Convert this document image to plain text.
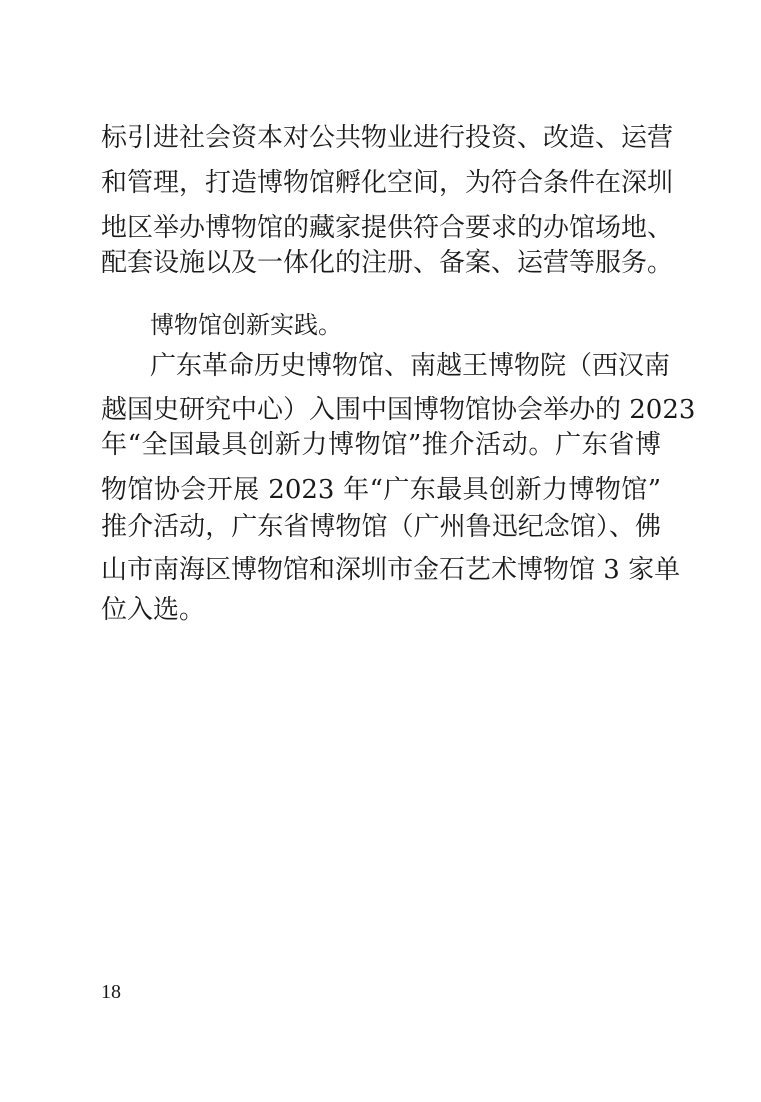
标引进社会资本对公共物业进行投资、改造、运营
和管理，打造博物馆孵化空间，为符合条件在深圳
地区举办博物馆的藏家提供符合要求的办馆场地、
配套设施以及一体化的注册、备案、运营等服务。
博物馆创新实践。
广东革命历史博物馆、南越王博物院（西汉南
越国史研究中心）入围中国博物馆协会举办的 2023
年“全国最具创新力博物馆”推介活动。广东省博
物馆协会开展 2023 年“广东最具创新力博物馆”
推介活动，广东省博物馆（广州鲁迅纪念馆）、佛
山市南海区博物馆和深圳市金石艺术博物馆 3 家单
位入选。
18
